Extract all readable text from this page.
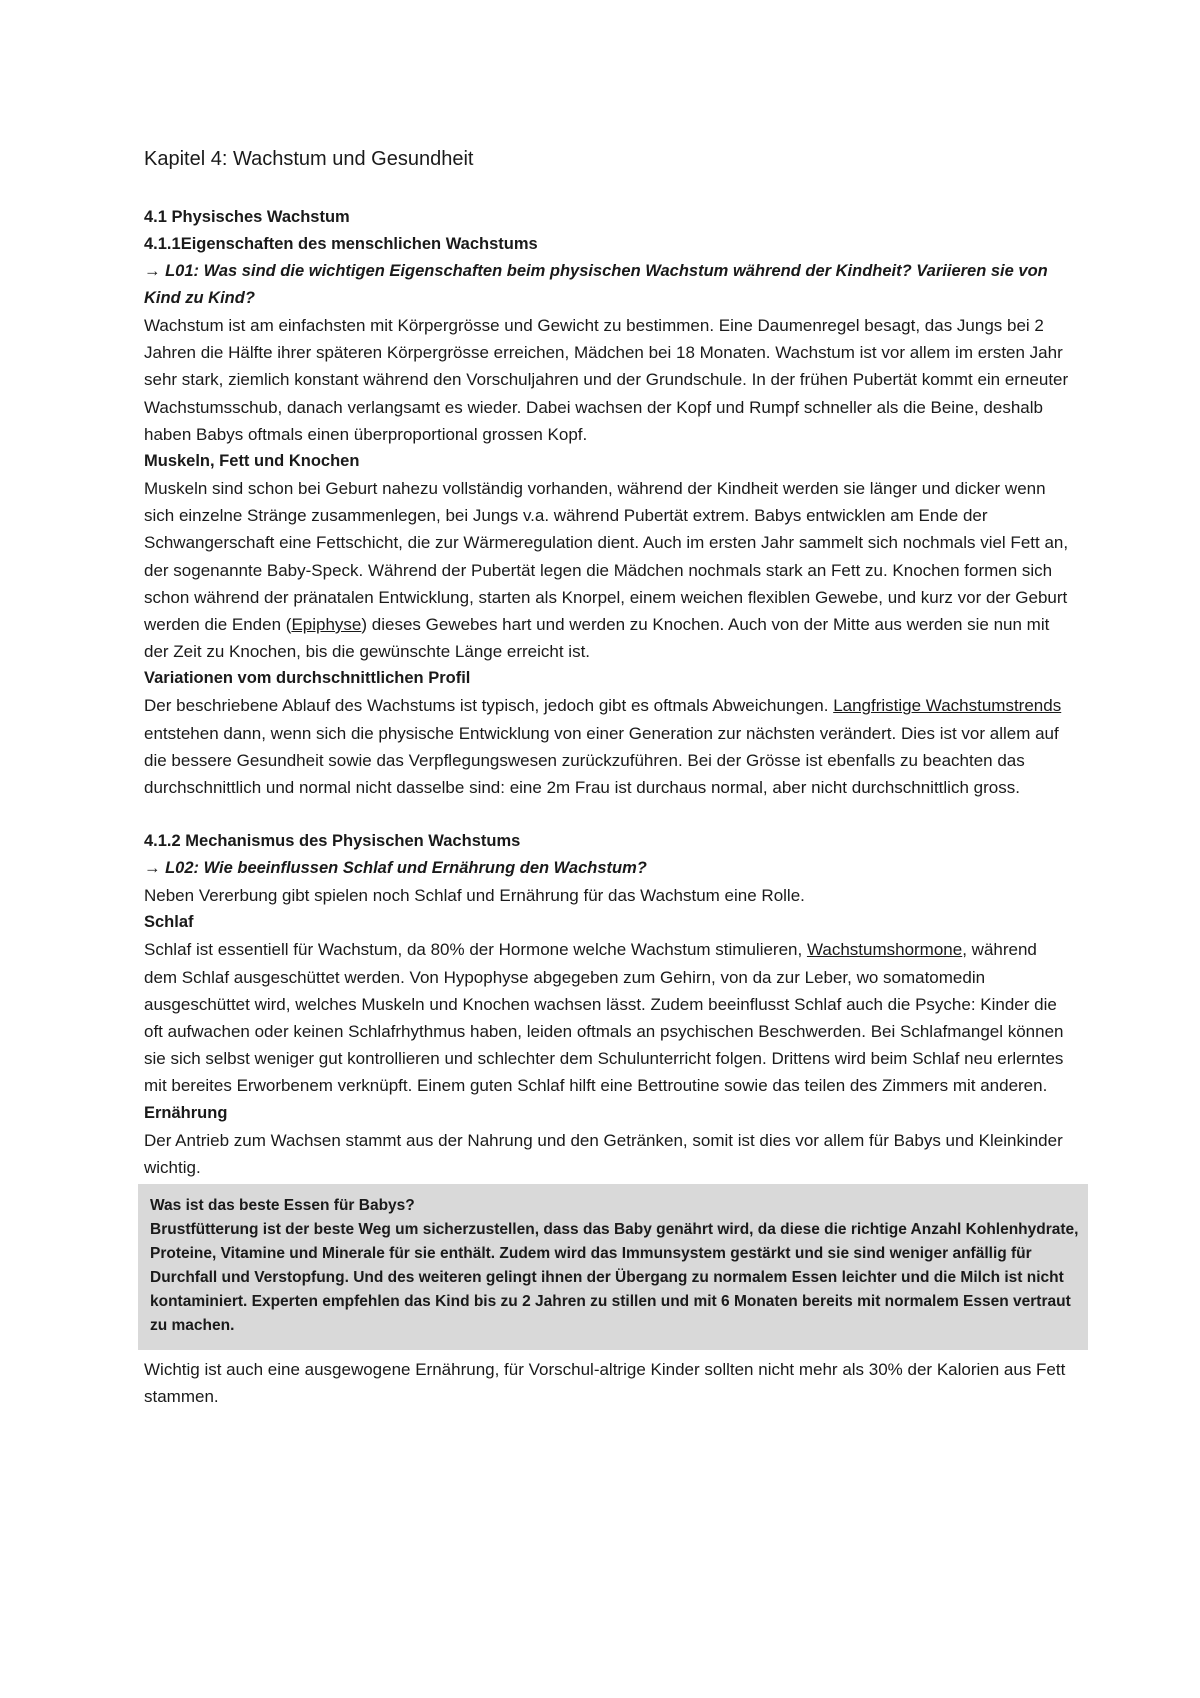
Kapitel 4: Wachstum und Gesundheit

4.1 Physisches Wachstum

4.1.1Eigenschaften des menschlichen Wachstums

→ L01: Was sind die wichtigen Eigenschaften beim physischen Wachstum während der Kindheit? Variieren sie von Kind zu Kind?

Wachstum ist am einfachsten mit Körpergrösse und Gewicht zu bestimmen. Eine Daumenregel besagt, das Jungs bei 2 Jahren die Hälfte ihrer späteren Körpergrösse erreichen, Mädchen bei 18 Monaten. Wachstum ist vor allem im ersten Jahr sehr stark, ziemlich konstant während den Vorschuljahren und der Grundschule. In der frühen Pubertät kommt ein erneuter Wachstumsschub, danach verlangsamt es wieder. Dabei wachsen der Kopf und Rumpf schneller als die Beine, deshalb haben Babys oftmals einen überproportional grossen Kopf.

Muskeln, Fett und Knochen

Muskeln sind schon bei Geburt nahezu vollständig vorhanden, während der Kindheit werden sie länger und dicker wenn sich einzelne Stränge zusammenlegen, bei Jungs v.a. während Pubertät extrem. Babys entwicklen am Ende der Schwangerschaft eine Fettschicht, die zur Wärmeregulation dient. Auch im ersten Jahr sammelt sich nochmals viel Fett an, der sogenannte Baby-Speck. Während der Pubertät legen die Mädchen nochmals stark an Fett zu. Knochen formen sich schon während der pränatalen Entwicklung, starten als Knorpel, einem weichen flexiblen Gewebe, und kurz vor der Geburt werden die Enden (Epiphyse) dieses Gewebes hart und werden zu Knochen. Auch von der Mitte aus werden sie nun mit der Zeit zu Knochen, bis die gewünschte Länge erreicht ist.

Variationen vom durchschnittlichen Profil

Der beschriebene Ablauf des Wachstums ist typisch, jedoch gibt es oftmals Abweichungen. Langfristige Wachstumstrends entstehen dann, wenn sich die physische Entwicklung von einer Generation zur nächsten verändert. Dies ist vor allem auf die bessere Gesundheit sowie das Verpflegungswesen zurückzuführen. Bei der Grösse ist ebenfalls zu beachten das durchschnittlich und normal nicht dasselbe sind: eine 2m Frau ist durchaus normal, aber nicht durchschnittlich gross.

4.1.2 Mechanismus des Physischen Wachstums

→ L02: Wie beeinflussen Schlaf und Ernährung den Wachstum?

Neben Vererbung gibt spielen noch Schlaf und Ernährung für das Wachstum eine Rolle.

Schlaf

Schlaf ist essentiell für Wachstum, da 80% der Hormone welche Wachstum stimulieren, Wachstumshormone, während dem Schlaf ausgeschüttet werden. Von Hypophyse abgegeben zum Gehirn, von da zur Leber, wo somatomedin ausgeschüttet wird, welches Muskeln und Knochen wachsen lässt. Zudem beeinflusst Schlaf auch die Psyche: Kinder die oft aufwachen oder keinen Schlafrhythmus haben, leiden oftmals an psychischen Beschwerden. Bei Schlafmangel können sie sich selbst weniger gut kontrollieren und schlechter dem Schulunterricht folgen. Drittens wird beim Schlaf neu erlerntes mit bereites Erworbenem verknüpft. Einem guten Schlaf hilft eine Bettroutine sowie das teilen des Zimmers mit anderen.

Ernährung

Der Antrieb zum Wachsen stammt aus der Nahrung und den Getränken, somit ist dies vor allem für Babys und Kleinkinder wichtig.

Was ist das beste Essen für Babys?

Brustfütterung ist der beste Weg um sicherzustellen, dass das Baby genährt wird, da diese die richtige Anzahl Kohlenhydrate, Proteine, Vitamine und Minerale für sie enthält. Zudem wird das Immunsystem gestärkt und sie sind weniger anfällig für Durchfall und Verstopfung. Und des weiteren gelingt ihnen der Übergang zu normalem Essen leichter und die Milch ist nicht kontaminiert. Experten empfehlen das Kind bis zu 2 Jahren zu stillen und mit 6 Monaten bereits mit normalem Essen vertraut zu machen.

Wichtig ist auch eine ausgewogene Ernährung, für Vorschul-altrige Kinder sollten nicht mehr als 30% der Kalorien aus Fett stammen.
